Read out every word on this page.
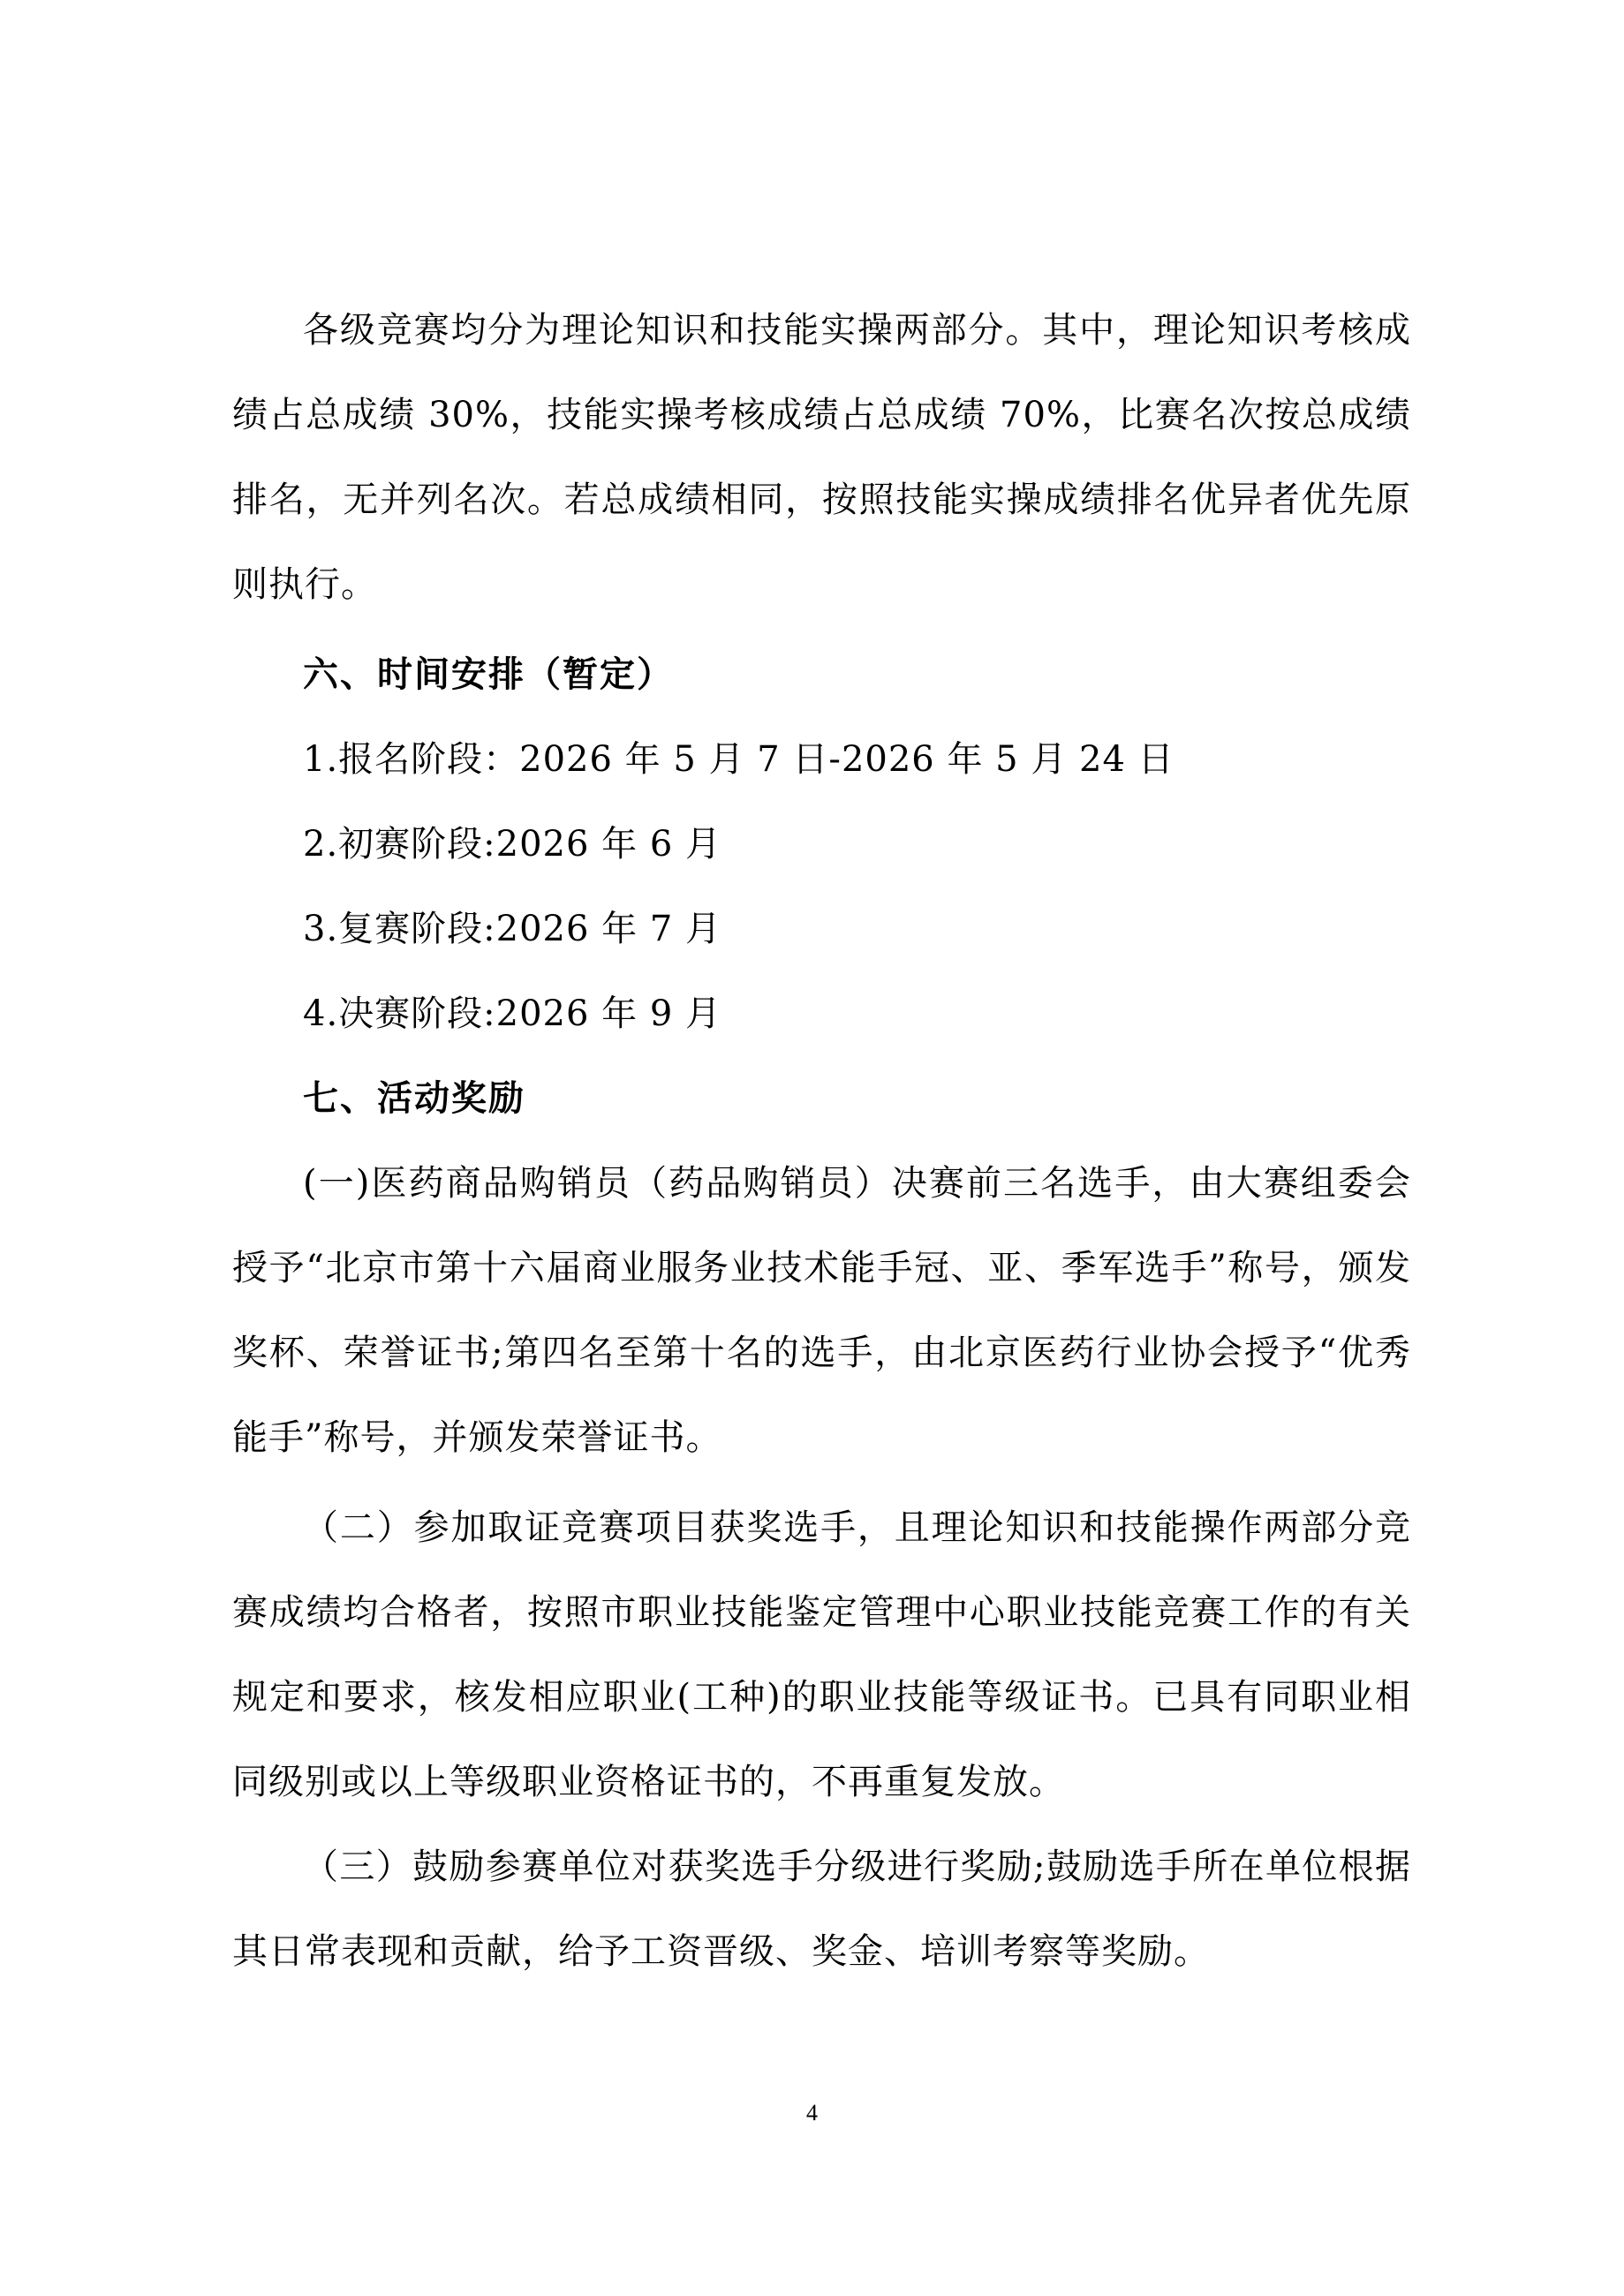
各级竞赛均分为理论知识和技能实操两部分。其中，理论知识考核成绩占总成绩 30%，技能实操考核成绩占总成绩 70%，比赛名次按总成绩排名，无并列名次。若总成绩相同，按照技能实操成绩排名优异者优先原则执行。

六、时间安排（暂定）

1.报名阶段：2026 年 5 月 7 日-2026 年 5 月 24 日

2.初赛阶段:2026 年 6 月

3.复赛阶段:2026 年 7 月

4.决赛阶段:2026 年 9 月

七、活动奖励

(一)医药商品购销员（药品购销员）决赛前三名选手，由大赛组委会授予“北京市第十六届商业服务业技术能手冠、亚、季军选手”称号，颁发奖杯、荣誉证书;第四名至第十名的选手，由北京医药行业协会授予“优秀能手”称号，并颁发荣誉证书。

（二）参加取证竞赛项目获奖选手，且理论知识和技能操作两部分竞赛成绩均合格者，按照市职业技能鉴定管理中心职业技能竞赛工作的有关规定和要求，核发相应职业(工种)的职业技能等级证书。已具有同职业相同级别或以上等级职业资格证书的，不再重复发放。

（三）鼓励参赛单位对获奖选手分级进行奖励;鼓励选手所在单位根据其日常表现和贡献，给予工资晋级、奖金、培训考察等奖励。

4
